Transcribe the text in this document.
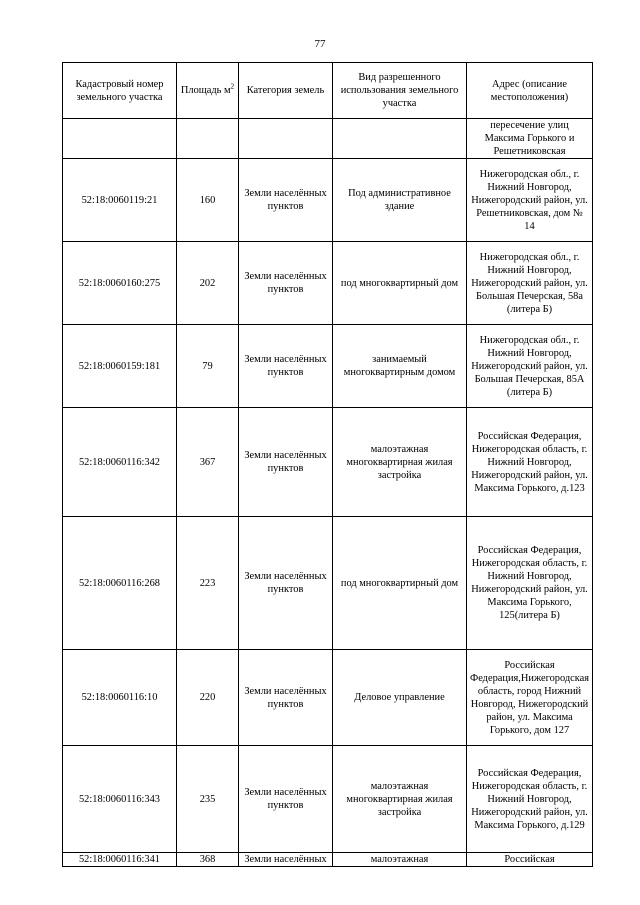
77
Кадастровый номер земельного участка	Площадь $м^2$	Категория земель	Вид разрешенного использования земельного участка	Адрес (описание местоположения)
				пересечение улиц Максима Горького и Решетниковская
52:18:0060119:21	160	Земли населённых пунктов	Под административное здание	Нижегородская обл., г. Нижний Новгород, Нижегородский район, ул. Решетниковская, дом № 14
52:18:0060160:275	202	Земли населённых пунктов	под многоквартирный дом	Нижегородская обл., г. Нижний Новгород, Нижегородский район, ул. Большая Печерская, 58а (литера Б)
52:18:0060159:181	79	Земли населённых пунктов	занимаемый многоквартирным домом	Нижегородская обл., г. Нижний Новгород, Нижегородский район, ул. Большая Печерская, 85А (литера Б)
52:18:0060116:342	367	Земли населённых пунктов	малоэтажная многоквартирная жилая застройка	Российская Федерация, Нижегородская область, г. Нижний Новгород, Нижегородский район, ул. Максима Горького, д.123
52:18:0060116:268	223	Земли населённых пунктов	под многоквартирный дом	Российская Федерация, Нижегородская область, г. Нижний Новгород, Нижегородский район, ул. Максима Горького, 125(литера Б)
52:18:0060116:10	220	Земли населённых пунктов	Деловое управление	Российская Федерация,Нижегородская область, город Нижний Новгород, Нижегородский район, ул. Максима Горького, дом 127
52:18:0060116:343	235	Земли населённых пунктов	малоэтажная многоквартирная жилая застройка	Российская Федерация, Нижегородская область, г. Нижний Новгород, Нижегородский район, ул. Максима Горького, д.129
52:18:0060116:341	368	Земли населённых	малоэтажная	Российская
